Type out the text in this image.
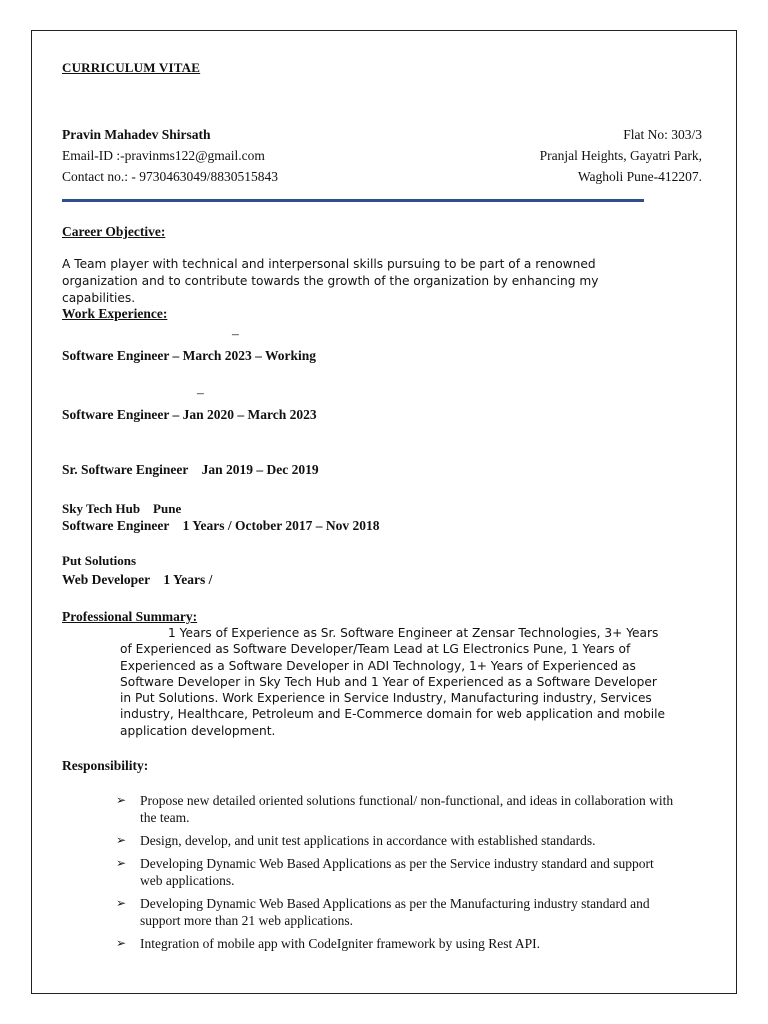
CURRICULUM VITAE
Pravin Mahadev Shirsath
Email-ID :-pravinms122@gmail.com
Contact no.: - 9730463049/8830515843
Flat No: 303/3
Pranjal Heights, Gayatri Park,
Wagholi Pune-412207.
Career Objective:
A Team player with technical and interpersonal skills pursuing to be part of a renowned organization and to contribute towards the growth of the organization by enhancing my capabilities.
Work Experience:
–
Software Engineer – March 2023 – Working
–
Software Engineer – Jan 2020 – March 2023
Sr. Software Engineer    Jan 2019 – Dec 2019
Sky Tech Hub    Pune
Software Engineer    1 Years / October 2017 – Nov 2018
Put Solutions
Web Developer    1 Years /
Professional Summary:
1 Years of Experience as Sr. Software Engineer at Zensar Technologies, 3+ Years of Experienced as Software Developer/Team Lead at LG Electronics Pune, 1 Years of Experienced as a Software Developer in ADI Technology, 1+ Years of Experienced as Software Developer in Sky Tech Hub and 1 Year of Experienced as a Software Developer in Put Solutions. Work Experience in Service Industry, Manufacturing industry, Services industry, Healthcare, Petroleum and E-Commerce domain for web application and mobile application development.
Responsibility:
➢ Propose new detailed oriented solutions functional/ non-functional, and ideas in collaboration with the team.
➢ Design, develop, and unit test applications in accordance with established standards.
➢ Developing Dynamic Web Based Applications as per the Service industry standard and support web applications.
➢ Developing Dynamic Web Based Applications as per the Manufacturing industry standard and support more than 21 web applications.
➢ Integration of mobile app with CodeIgniter framework by using Rest API.
